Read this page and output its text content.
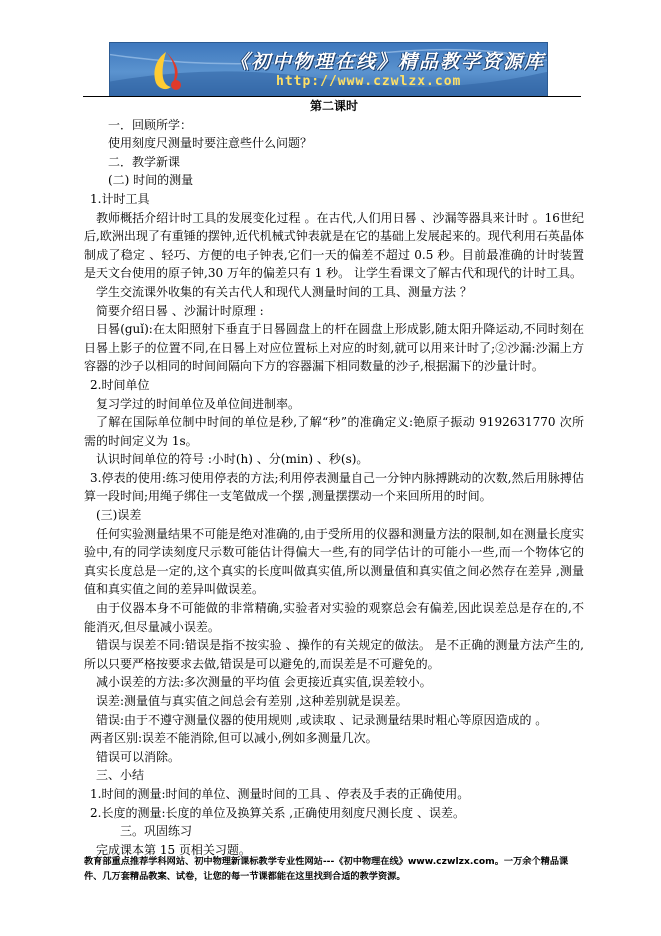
《初中物理在线》精品教学资源库
http://www.czwlzx.com

第二课时

一．回顾所学：

使用刻度尺测量时要注意些什么问题？

二．教学新课

(二) 时间的测量

1.计时工具

教师概括介绍计时工具的发展变化过程 。在古代,人们用日晷 、沙漏等器具来计时 。16世纪后,欧洲出现了有重锤的摆钟,近代机械式钟表就是在它的基础上发展起来的。现代利用石英晶体制成了稳定 、轻巧、方便的电子钟表,它们一天的偏差不超过 0.5 秒。目前最准确的计时装置是天文台使用的原子钟,30 万年的偏差只有 1 秒。 让学生看课文了解古代和现代的计时工具。

学生交流课外收集的有关古代人和现代人测量时间的工具、测量方法 ？

简要介绍日晷 、沙漏计时原理 :

日晷(guǐ):在太阳照射下垂直于日晷圆盘上的杆在圆盘上形成影,随太阳升降运动,不同时刻在日晷上影子的位置不同,在日晷上对应位置标上对应的时刻,就可以用来计时了;②沙漏:沙漏上方容器的沙子以相同的时间间隔向下方的容器漏下相同数量的沙子,根据漏下的沙量计时。

2.时间单位

复习学过的时间单位及单位间进制率。

了解在国际单位制中时间的单位是秒,了解“秒”的准确定义:铯原子振动 9192631770 次所需的时间定义为 1s。

认识时间单位的符号 :小时(h) 、分(min) 、秒(s)。

3.停表的使用:练习使用停表的方法;利用停表测量自己一分钟内脉搏跳动的次数,然后用脉搏估算一段时间;用绳子绑住一支笔做成一个摆 ,测量摆摆动一个来回所用的时间。

(三)误差

任何实验测量结果不可能是绝对准确的,由于受所用的仪器和测量方法的限制,如在测量长度实验中,有的同学读刻度尺示数可能估计得偏大一些,有的同学估计的可能小一些,而一个物体它的真实长度总是一定的,这个真实的长度叫做真实值,所以测量值和真实值之间必然存在差异 ,测量值和真实值之间的差异叫做误差。

由于仪器本身不可能做的非常精确,实验者对实验的观察总会有偏差,因此误差总是存在的,不能消灭,但尽量减小误差。

错误与误差不同:错误是指不按实验 、操作的有关规定的做法。 是不正确的测量方法产生的,所以只要严格按要求去做,错误是可以避免的,而误差是不可避免的。

减小误差的方法:多次测量的平均值 会更接近真实值,误差较小。

误差:测量值与真实值之间总会有差别 ,这种差别就是误差。

错误:由于不遵守测量仪器的使用规则 ,或读取 、记录测量结果时粗心等原因造成的 。

两者区别:误差不能消除,但可以减小,例如多测量几次。

错误可以消除。

三、小结

1.时间的测量:时间的单位、测量时间的工具 、停表及手表的正确使用。

2.长度的测量:长度的单位及换算关系 ,正确使用刻度尺测长度 、误差。

三。巩固练习

完成课本第 15 页相关习题。

教育部重点推荐学科网站、初中物理新课标教学专业性网站---《初中物理在线》www.czwlzx.com。一万余个精品课件、几万套精品教案、试卷，让您的每一节课都能在这里找到合适的教学资源。
